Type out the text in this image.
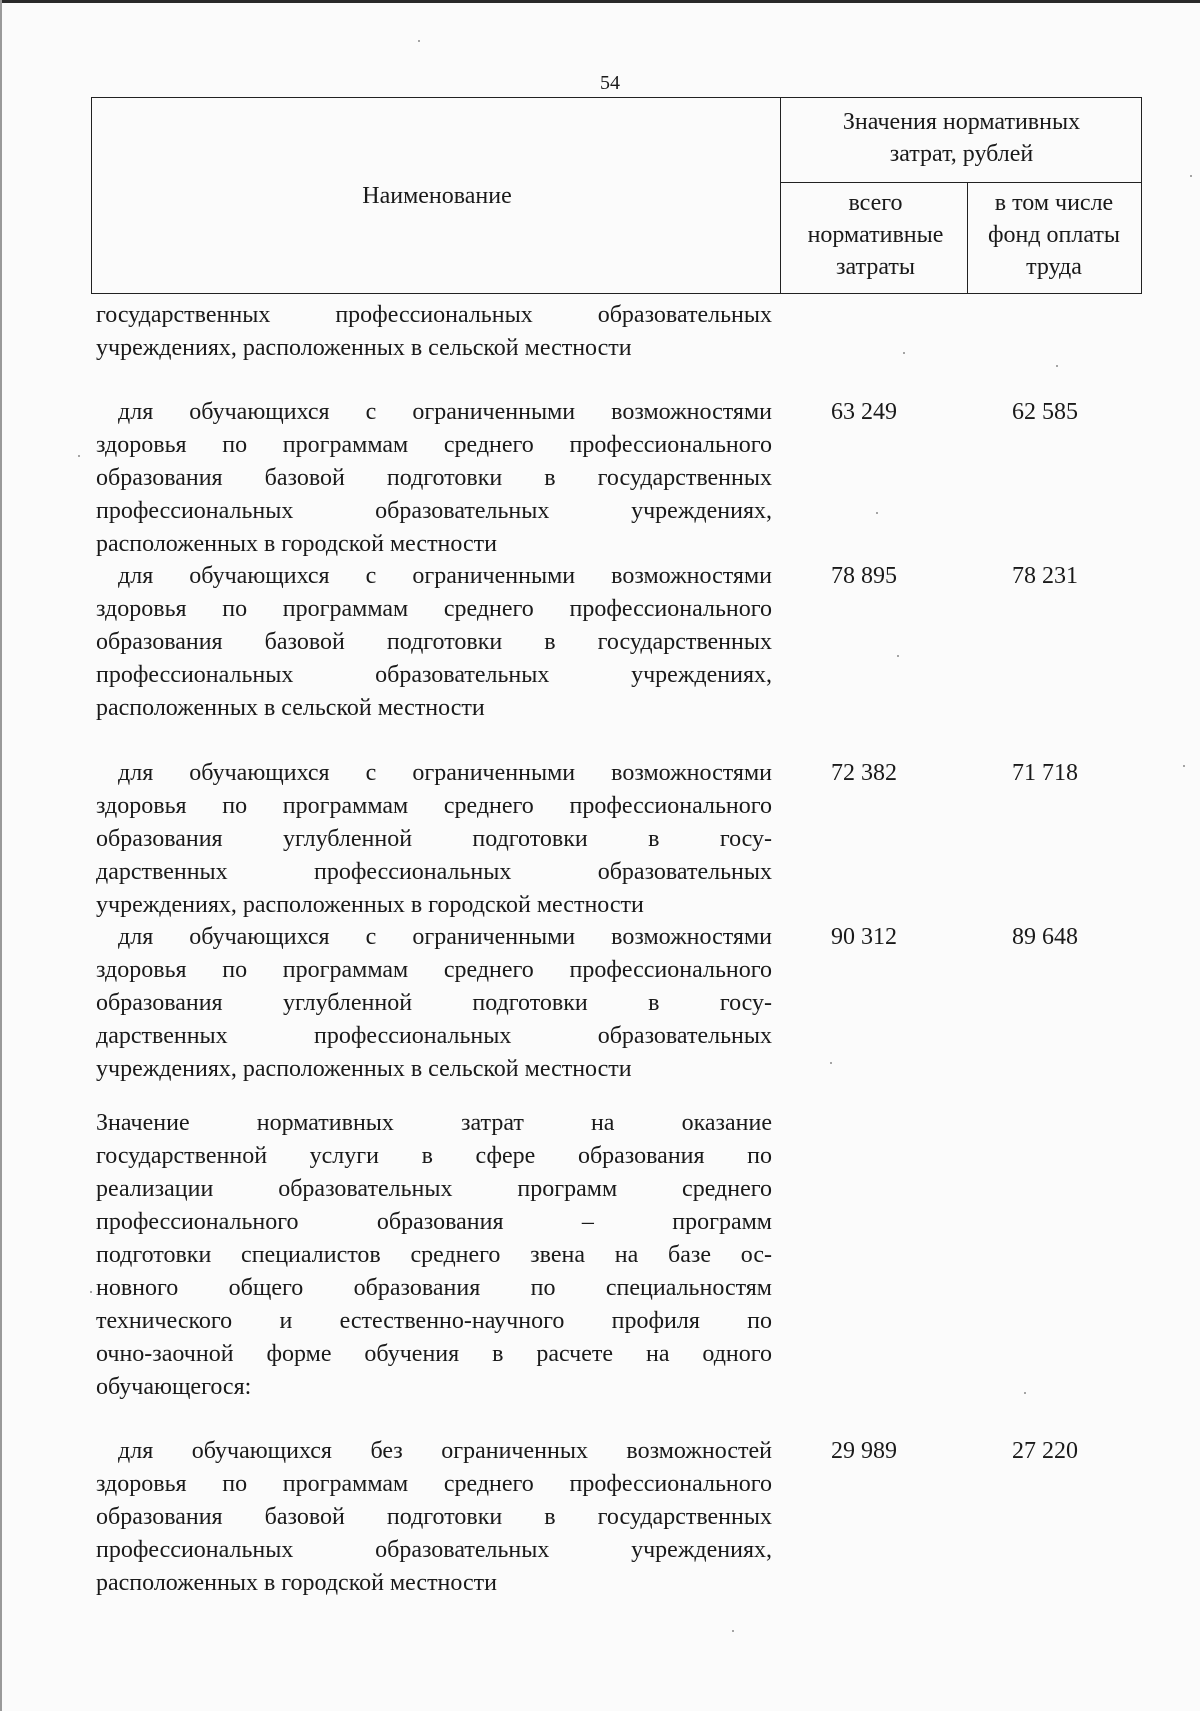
54
Наименование
Значения нормативных
затрат, рублей
всего
нормативные
затраты
в том числе
фонд оплаты
труда
государственных профессиональных образовательных
учреждениях, расположенных в сельской местности
для обучающихся с ограниченными возможностями
здоровья по программам среднего профессионального
образования базовой подготовки в государственных
профессиональных образовательных учреждениях,
расположенных в городской местности
63 249	62 585
для обучающихся с ограниченными возможностями
здоровья по программам среднего профессионального
образования базовой подготовки в государственных
профессиональных образовательных учреждениях,
расположенных в сельской местности
78 895	78 231
для обучающихся с ограниченными возможностями
здоровья по программам среднего профессионального
образования углубленной подготовки в госу-
дарственных профессиональных образовательных
учреждениях, расположенных в городской местности
72 382	71 718
для обучающихся с ограниченными возможностями
здоровья по программам среднего профессионального
образования углубленной подготовки в госу-
дарственных профессиональных образовательных
учреждениях, расположенных в сельской местности
90 312	89 648
Значение нормативных затрат на оказание
государственной услуги в сфере образования по
реализации образовательных программ среднего
профессионального образования – программ
подготовки специалистов среднего звена на базе ос-
новного общего образования по специальностям
технического и естественно-научного профиля по
очно-заочной форме обучения в расчете на одного
обучающегося:
для обучающихся без ограниченных возможностей
здоровья по программам среднего профессионального
образования базовой подготовки в государственных
профессиональных образовательных учреждениях,
расположенных в городской местности
29 989	27 220
